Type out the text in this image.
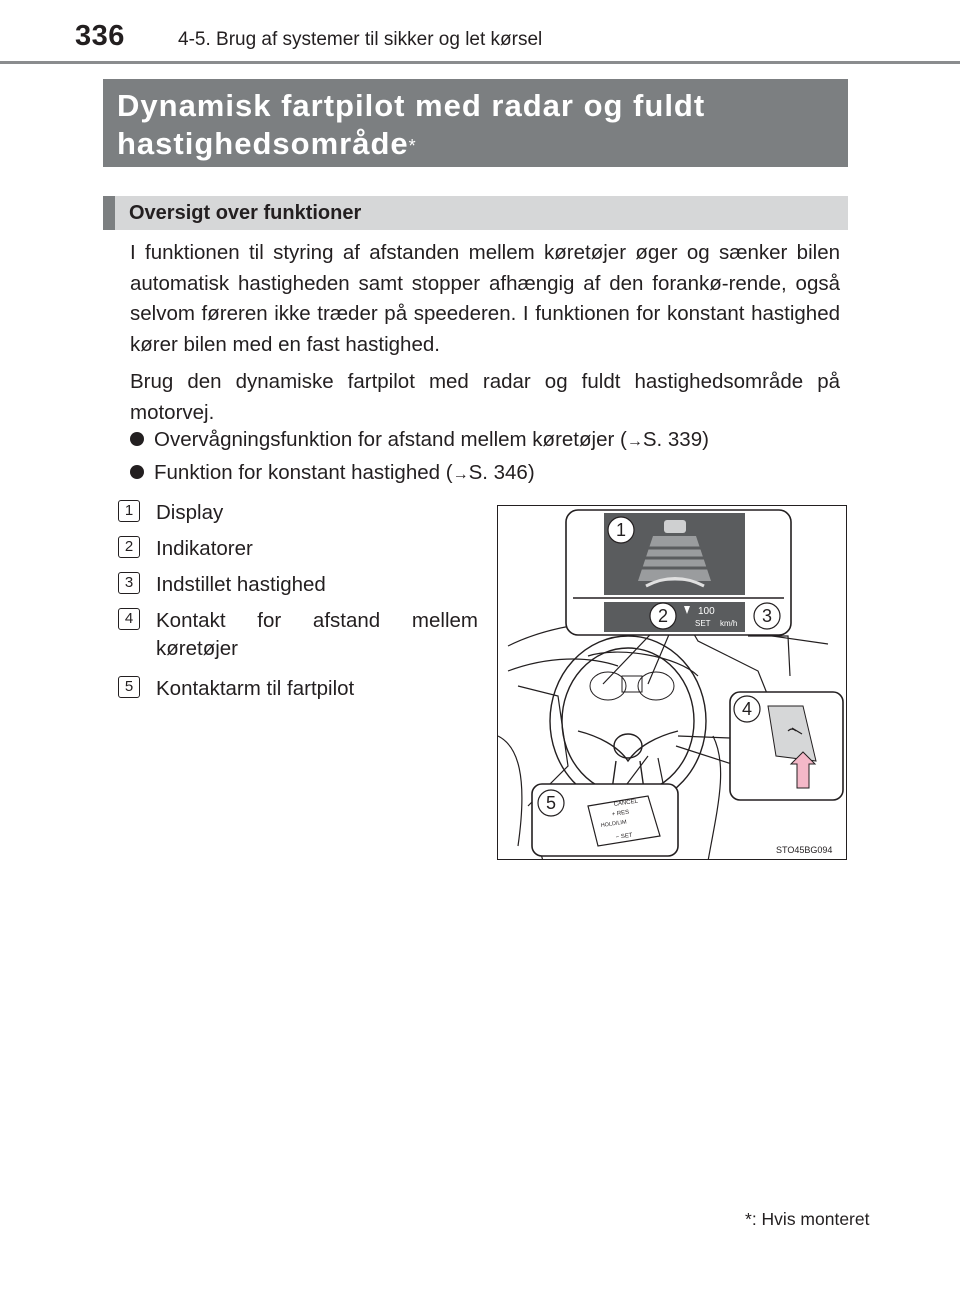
336	4-5. Brug af systemer til sikker og let kørsel
Dynamisk fartpilot med radar og fuldt
hastighedsområde*
Oversigt over funktioner
I funktionen til styring af afstanden mellem køretøjer øger og sænker bilen automatisk hastigheden samt stopper afhængig af den forankø-rende, også selvom føreren ikke træder på speederen. I funktionen for konstant hastighed kører bilen med en fast hastighed.
Brug den dynamiske fartpilot med radar og fuldt hastighedsområde på motorvej.
Overvågningsfunktion for afstand mellem køretøjer (→S. 339)
Funktion for konstant hastighed (→S. 346)
1	Display
2	Indikatorer
3	Indstillet hastighed
4	Kontakt for afstand mellem køretøjer
5	Kontaktarm til fartpilot
100
SET km/h
CANCEL
+ RES
HOLD/LIM
− SET
1
2	3
4
5
STO45BG094
*: Hvis monteret
